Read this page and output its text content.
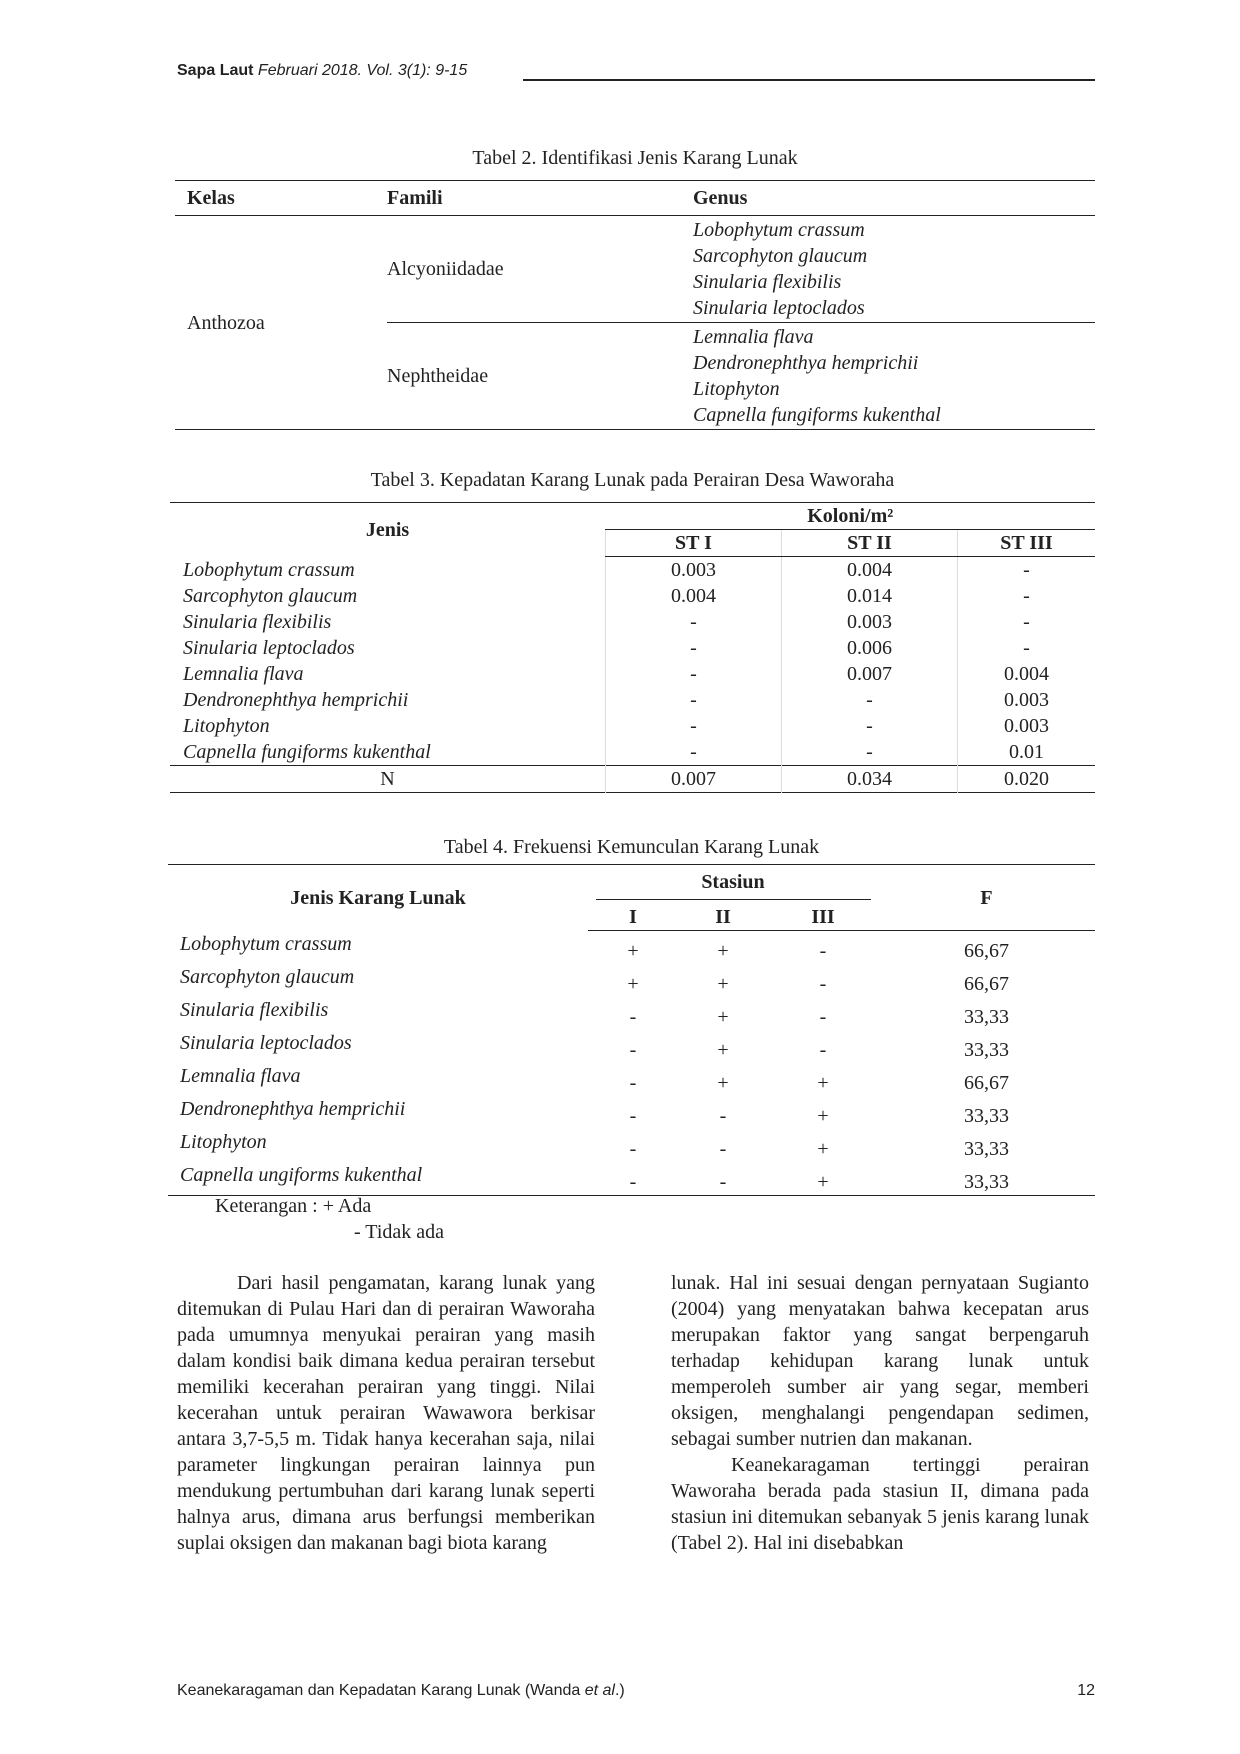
Sapa Laut Februari 2018. Vol. 3(1): 9-15
Tabel 2. Identifikasi Jenis Karang Lunak
Kelas	Famili	Genus
Anthozoa	Alcyoniidadae	Lobophytum crassum
Sarcophyton glaucum
Sinularia flexibilis
Sinularia leptoclados

	Nephtheidae	Lemnalia flava
Dendronephthya hemprichii
Litophyton
Capnella fungiforms kukenthal
Tabel 3. Kepadatan Karang Lunak pada Perairan Desa Waworaha
Jenis	Koloni/m²		
	ST I	ST II	ST III
Lobophytum crassum	0.003	0.004	-
Sarcophyton glaucum	0.004	0.014	-
Sinularia flexibilis	-	0.003	-
Sinularia leptoclados	-	0.006	-
Lemnalia flava	-	0.007	0.004
Dendronephthya hemprichii	-	-	0.003
Litophyton	-	-	0.003
Capnella fungiforms kukenthal	-	-	0.01
N	0.007	0.034	0.020
Tabel 4. Frekuensi Kemunculan Karang Lunak
Jenis Karang Lunak	Stasiun			F
	I	II	III	
Lobophytum crassum	+	+	-	66,67
Sarcophyton glaucum	+	+	-	66,67
Sinularia flexibilis	-	+	-	33,33
Sinularia leptoclados	-	+	-	33,33
Lemnalia flava	-	+	+	66,67
Dendronephthya hemprichii	-	-	+	33,33
Litophyton	-	-	+	33,33
Capnella ungiforms kukenthal	-	-	+	33,33
Keterangan : + Ada
- Tidak ada

Dari hasil pengamatan, karang lunak yang ditemukan di Pulau Hari dan di perairan Waworaha pada umumnya menyukai perairan yang masih dalam kondisi baik dimana kedua perairan tersebut memiliki kecerahan perairan yang tinggi. Nilai kecerahan untuk perairan Wawawora berkisar antara 3,7-5,5 m. Tidak hanya kecerahan saja, nilai parameter lingkungan perairan lainnya pun mendukung pertumbuhan dari karang lunak seperti halnya arus, dimana arus berfungsi memberikan suplai oksigen dan makanan bagi biota karang

lunak. Hal ini sesuai dengan pernyataan Sugianto (2004) yang menyatakan bahwa kecepatan arus merupakan faktor yang sangat berpengaruh terhadap kehidupan karang lunak untuk memperoleh sumber air yang segar, memberi oksigen, menghalangi pengendapan sedimen, sebagai sumber nutrien dan makanan.

Keanekaragaman tertinggi perairan Waworaha berada pada stasiun II, dimana pada stasiun ini ditemukan sebanyak 5 jenis karang lunak (Tabel 2). Hal ini disebabkan

Keanekaragaman dan Kepadatan Karang Lunak (Wanda et al.)	12
